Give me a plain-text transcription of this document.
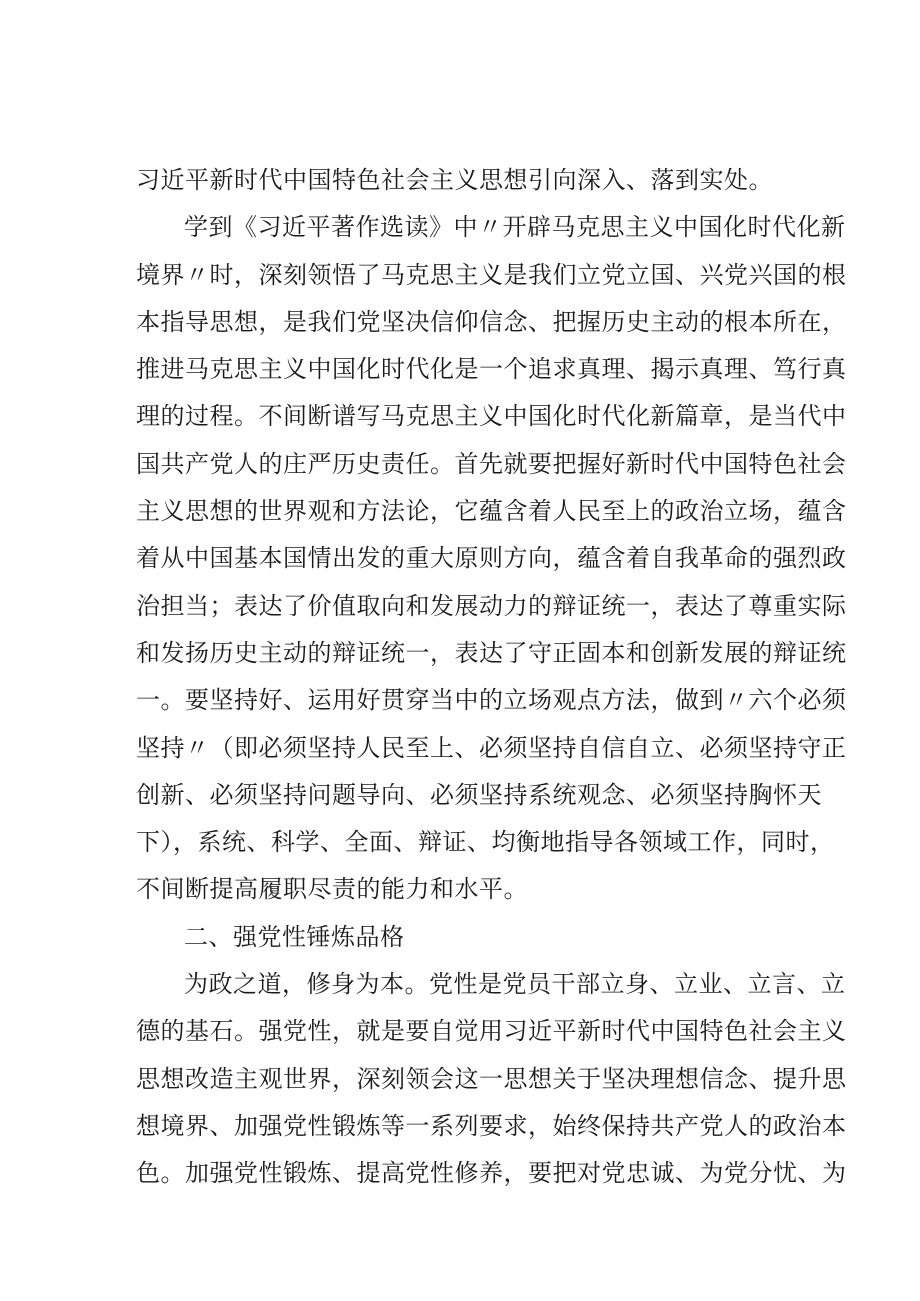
习近平新时代中国特色社会主义思想引向深入、落到实处。
学到《习近平著作选读》中〃开辟马克思主义中国化时代化新
境界〃时，深刻领悟了马克思主义是我们立党立国、兴党兴国的根
本指导思想，是我们党坚决信仰信念、把握历史主动的根本所在，
推进马克思主义中国化时代化是一个追求真理、揭示真理、笃行真
理的过程。不间断谱写马克思主义中国化时代化新篇章，是当代中
国共产党人的庄严历史责任。首先就要把握好新时代中国特色社会
主义思想的世界观和方法论，它蕴含着人民至上的政治立场，蕴含
着从中国基本国情出发的重大原则方向，蕴含着自我革命的强烈政
治担当；表达了价值取向和发展动力的辩证统一，表达了尊重实际
和发扬历史主动的辩证统一，表达了守正固本和创新发展的辩证统
一。要坚持好、运用好贯穿当中的立场观点方法，做到〃六个必须
坚持〃（即必须坚持人民至上、必须坚持自信自立、必须坚持守正
创新、必须坚持问题导向、必须坚持系统观念、必须坚持胸怀天
下），系统、科学、全面、辩证、均衡地指导各领域工作，同时，
不间断提高履职尽责的能力和水平。
二、强党性锤炼品格
为政之道，修身为本。党性是党员干部立身、立业、立言、立
德的基石。强党性，就是要自觉用习近平新时代中国特色社会主义
思想改造主观世界，深刻领会这一思想关于坚决理想信念、提升思
想境界、加强党性锻炼等一系列要求，始终保持共产党人的政治本
色。加强党性锻炼、提高党性修养，要把对党忠诚、为党分忧、为
